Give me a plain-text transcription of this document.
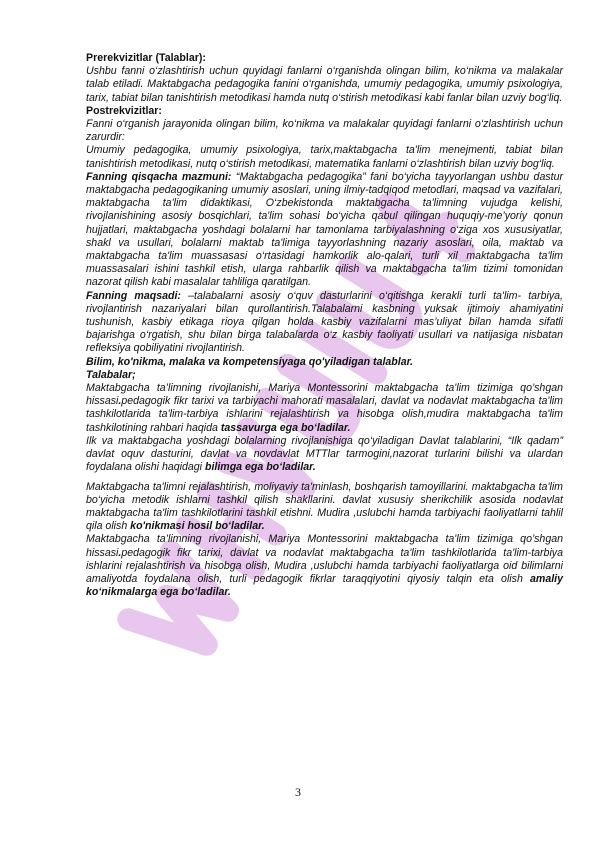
Prerekvizitlar (Talablar):

Ushbu fanni o‘zlashtirish uchun quyidagi fanlarni o‘rganishda olingan bilim, ko‘nikma va malakalar talab etiladi. Maktabgacha pedagogika fanini o‘rganishda, umumiy pedagogika, umumiy psixologiya, tarix, tabiat bilan tanishtirish metodikasi hamda nutq o‘stirish metodikasi kabi fanlar bilan uzviy bog‘liq.

Postrekvizitlar:

Fanni o‘rganish jarayonida olingan bilim, ko‘nikma va malakalar quyidagi fanlarni o‘zlashtirish uchun zarurdir:

Umumiy pedagogika, umumiy psixologiya, tarix,maktabgacha ta'lim menejmenti, tabiat bilan tanishtirish metodikasi, nutq o‘stirish metodikasi, matematika fanlarni o‘zlashtirish bilan uzviy bog‘liq.

Fanning qisqacha mazmuni: “Maktabgacha pedagogika” fani bo‘yicha tayyorlangan ushbu dastur maktabgacha pedagogikaning umumiy asoslari, uning ilmiy-tadqiqod metodlari, maqsad va vazifalari, maktabgacha ta'lim didaktikasi, O‘zbekistonda maktabgacha ta'limning vujudga kelishi, rivojlanishining asosiy bosqichlari, ta'lim sohasi bo‘yicha qabul qilingan huquqiy-me’yoriy qonun hujjatlari, maktabgacha yoshdagi bolalarni har tamonlama tarbiyalashning o‘ziga xos xususiyatlar, shakl va usullari, bolalarni maktab ta'limiga tayyorlashning nazariy asoslari, oila, maktab va maktabgacha ta'lim muassasasi o‘rtasidagi hamkorlik alo-qalari, turli xil maktabgacha ta'lim muassasalari ishini tashkil etish, ularga rahbarlik qilish va maktabgacha ta'lim tizimi tomonidan nazorat qilish kabi masalalar tahliliga qaratilgan.

Fanning maqsadi: –talabalarni asosiy o‘quv dasturlarini o‘qitishga kerakli turli ta'lim- tarbiya, rivojlantirish nazariyalari bilan qurollantirish.Talabalarni kasbning yuksak ijtimoiy ahamiyatini tushunish, kasbiy etikaga rioya qilgan holda kasbiy vazifalarni mas’uliyat bilan hamda sifatli bajarishga o‘rgatish, shu bilan birga talabalarda o‘z kasbiy faoliyati usullari va natijasiga nisbatan refleksiya qobiliyatini rivojlantirish.

Bilim, ko'nikma, malaka va kompetensiyaga qo'yiladigan talablar.

Talabalar;

Maktabgacha ta’limning rivojlanishi, Mariya Montessorini maktabgacha ta'lim tizimiga qo’shgan hissasi.pedagogik fikr tarixi va tarbiyachi mahorati masalalari, davlat va nodavlat maktabgacha ta'lim tashkilotlarida ta'lim-tarbiya ishlarini rejalashtirish va hisobga olish,mudira maktabgacha ta'lim tashkilotining rahbari haqida tassavurga ega bo‘ladilar.

Ilk va maktabgacha yoshdagi bolalarning rivojlanishiga qo‘yiladigan Davlat talablarini, “Ilk qadam” davlat oquv dasturini, davlat va novdavlat MTTlar tarmogini,nazorat turlarini bilishi va ulardan foydalana olishi haqidagi bilimga ega bo‘ladilar.

Maktabgacha ta'limni rejalashtirish, moliyaviy ta'minlash, boshqarish tamoyillarini. maktabgacha ta'lim bo‘yicha metodik ishlarni tashkil qilish shakllarini. davlat xususiy sherikchilik asosida nodavlat maktabgacha ta'lim tashkilotlarini tashkil etishni. Mudira ,uslubchi hamda tarbiyachi faoliyatlarni tahlil qila olish ko'nikmasi hosil bo‘ladilar.

Maktabgacha ta’limning rivojlanishi, Mariya Montessorini maktabgacha ta'lim tizimiga qo’shgan hissasi.pedagogik fikr tarixi, davlat va nodavlat maktabgacha ta'lim tashkilotlarida ta'lim-tarbiya ishlarini rejalashtirish va hisobga olish, Mudira ,uslubchi hamda tarbiyachi faoliyatlarga oid bilimlarni amaliyotda foydalana olish, turli pedagogik fikrlar taraqqiyotini qiyosiy talqin eta olish amaliy ko‘nikmalarga ega bo‘ladilar.

3
